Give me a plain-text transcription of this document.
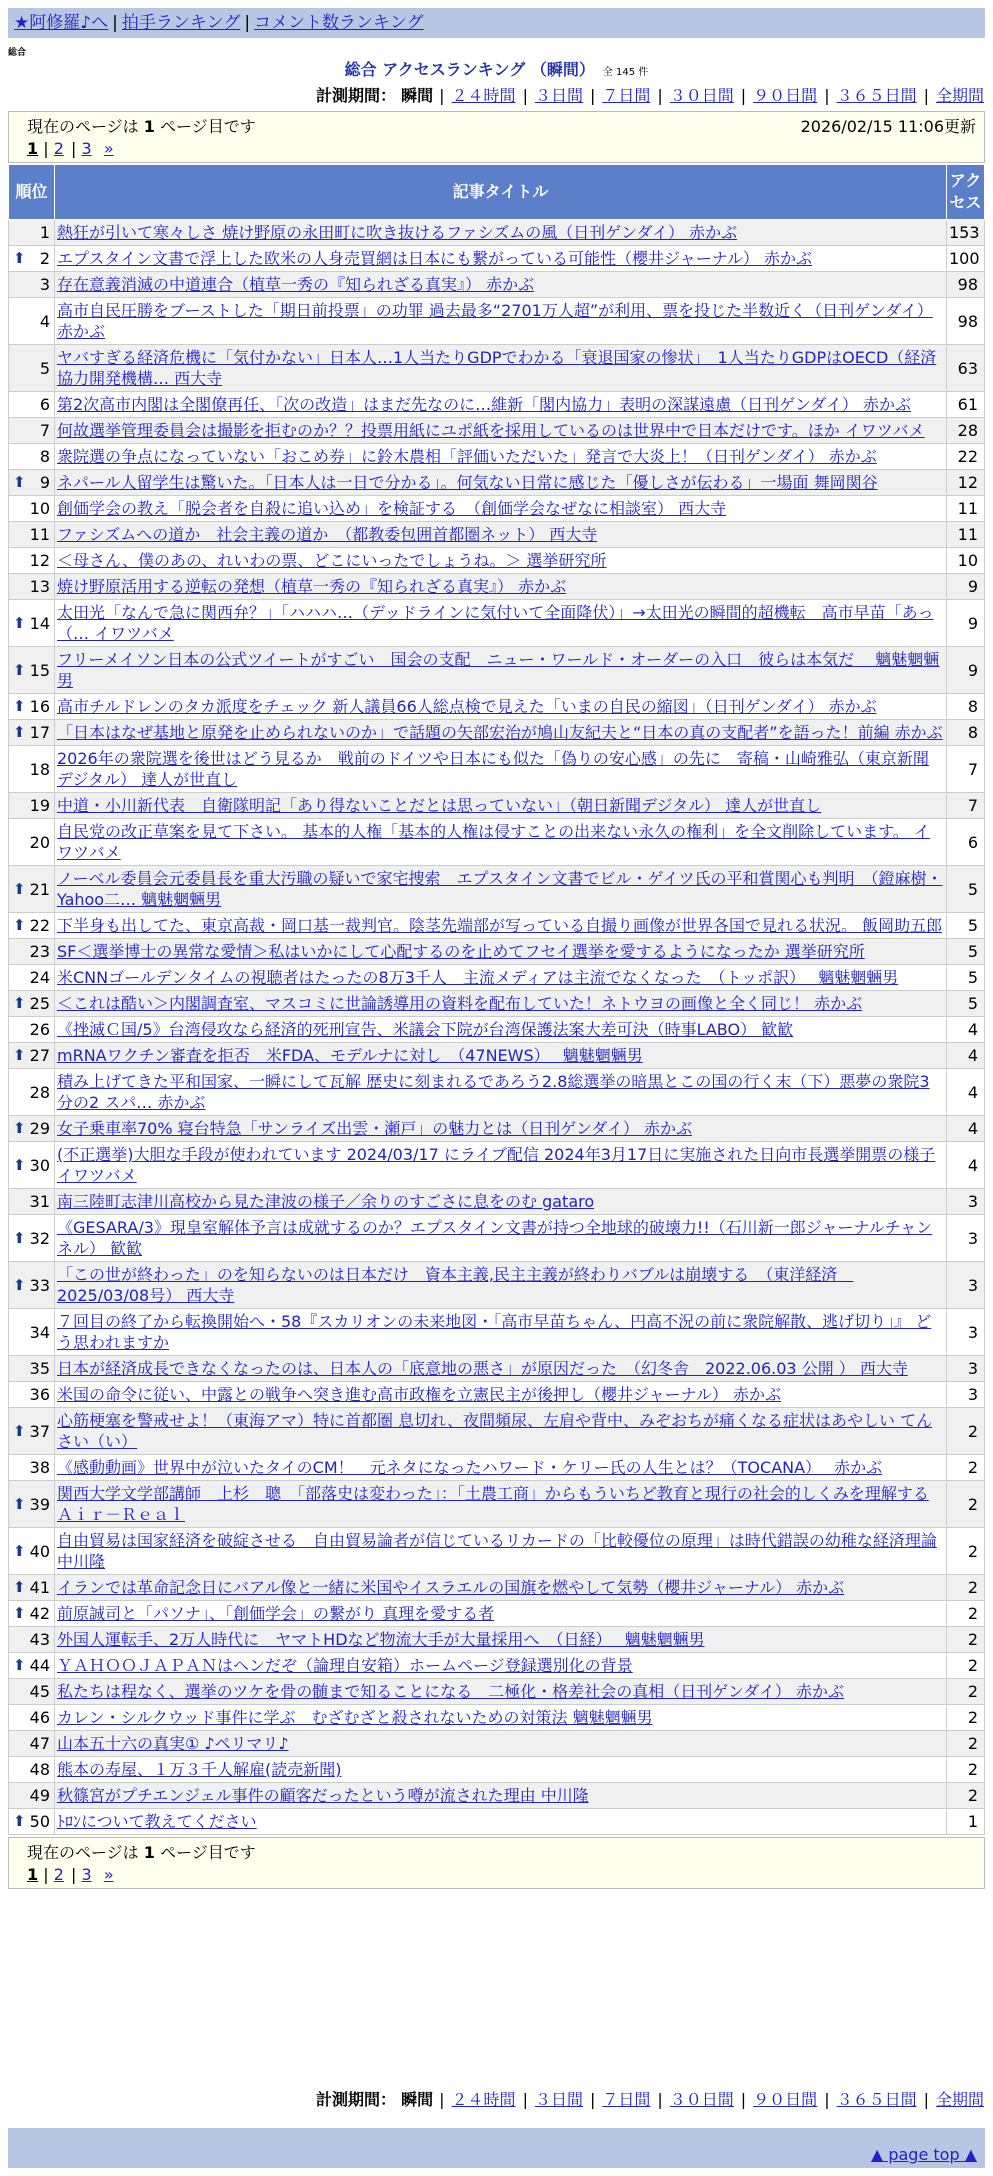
★阿修羅♪へ | 拍手ランキング | コメント数ランキング
総合
総合 アクセスランキング （瞬間） 全 145 件
計測期間： 瞬間 | ２４時間 | ３日間 | ７日間 | ３０日間 | ９０日間 | ３６５日間 | 全期間
現在のページは 1 ページ目です	2026/02/15 11:06更新
1 | 2 | 3 »
順位	記事タイトル	アクセス
1	熱狂が引いて寒々しさ 焼け野原の永田町に吹き抜けるファシズムの風（日刊ゲンダイ） 赤かぶ	153

⬆ 2	エプスタイン文書で浮上した欧米の人身売買網は日本にも繋がっている可能性（櫻井ジャーナル） 赤かぶ	100
3	存在意義消滅の中道連合（植草一秀の『知られざる真実』） 赤かぶ	98
4	高市自民圧勝をブーストした「期日前投票」の功罪 過去最多“2701万人超”が利用、票を投じた半数近く（日刊ゲンダイ） 赤かぶ	98
5	ヤバすぎる経済危機に「気付かない」日本人…1人当たりGDPでわかる「衰退国家の惨状」　1人当たりGDPはOECD（経済協力開発機構… 西大寺	63
6	第2次高市内閣は全閣僚再任、「次の改造」はまだ先なのに…維新「閣内協力」表明の深謀遠慮（日刊ゲンダイ） 赤かぶ	61
7	何故選挙管理委員会は撮影を拒むのか？？投票用紙にユポ紙を採用しているのは世界中で日本だけです。ほか イワツバメ	28
8	衆院選の争点になっていない「おこめ券」に鈴木農相「評価いただいた」発言で大炎上！（日刊ゲンダイ） 赤かぶ	22

⬆ 9	ネパール人留学生は驚いた。「日本人は一日で分かる」。何気ない日常に感じた「優しさが伝わる」一場面 舞岡関谷	12
10	創価学会の教え「脱会者を自殺に追い込め」を検証する　（創価学会なぜなに相談室） 西大寺	11
11	ファシズムへの道か　社会主義の道か　（都教委包囲首都圏ネット） 西大寺	11
12	＜母さん、僕のあの、れいわの票、どこにいったでしょうね。＞ 選挙研究所	10
13	焼け野原活用する逆転の発想（植草一秀の『知られざる真実』） 赤かぶ	9

⬆ 14	太田光「なんで急に関西弁？」「ハハハ…（デッドラインに気付いて全面降伏）」→太田光の瞬間的超機転　高市早苗「あっ（… イワツバメ	9

⬆ 15	フリーメイソン日本の公式ツイートがすごい　国会の支配　ニュー・ワールド・オーダーの入口　彼らは本気だ　 魑魅魍魎男	9

⬆ 16	高市チルドレンのタカ派度をチェック 新人議員66人総点検で見えた「いまの自民の縮図」（日刊ゲンダイ） 赤かぶ	8

⬆ 17	「日本はなぜ基地と原発を止められないのか」で話題の矢部宏治が鳩山友紀夫と“日本の真の支配者”を語った！前編 赤かぶ	8
18	2026年の衆院選を後世はどう見るか　戦前のドイツや日本にも似た「偽りの安心感」の先に　寄稿・山崎雅弘（東京新聞デジタル） 達人が世直し	7
19	中道・小川新代表　自衛隊明記「あり得ないことだとは思っていない」（朝日新聞デジタル） 達人が世直し	7
20	自民党の改正草案を見て下さい。 基本的人権「基本的人権は侵すことの出来ない永久の権利」を全文削除しています。 イワツバメ	6

⬆ 21	ノーベル委員会元委員長を重大汚職の疑いで家宅捜索　エプスタイン文書でビル・ゲイツ氏の平和賞関心も判明　（鐙麻樹・Yahoo二… 魑魅魍魎男	5

⬆ 22	下半身も出してた、東京高裁・岡口基一裁判官。陰茎先端部が写っている自撮り画像が世界各国で見れる状況。 飯岡助五郎	5
23	SF＜選挙博士の異常な愛情＞私はいかにして心配するのを止めてフセイ選挙を愛するようになったか 選挙研究所	5
24	米CNNゴールデンタイムの視聴者はたったの8万3千人　主流メディアは主流でなくなった　（トッポ訳）　 魑魅魍魎男	5

⬆ 25	＜これは酷い＞内閣調査室、マスコミに世論誘導用の資料を配布していた！ネトウヨの画像と全く同じ！ 赤かぶ	5
26	《挫滅Ｃ国/5》台湾侵攻なら経済的死刑宣告、米議会下院が台湾保護法案大差可決（時事LABO） 歓歓	4

⬆ 27	mRNAワクチン審査を拒否　米FDA、モデルナに対し　（47NEWS）　 魑魅魍魎男	4
28	積み上げてきた平和国家、一瞬にして瓦解 歴史に刻まれるであろう2.8総選挙の暗黒とこの国の行く末（下）悪夢の衆院3分の2 スパ… 赤かぶ	4

⬆ 29	女子乗車率70% 寝台特急「サンライズ出雲・瀬戸」の魅力とは（日刊ゲンダイ） 赤かぶ	4

⬆ 30	(不正選挙)大胆な手段が使われています 2024/03/17 にライブ配信 2024年3月17日に実施された日向市長選挙開票の様子 イワツバメ	4
31	南三陸町志津川高校から見た津波の様子／余りのすごさに息をのむ gataro	3

⬆ 32	《GESARA/3》現皇室解体予言は成就するのか？エプスタイン文書が持つ全地球的破壊力!!（石川新一郎ジャーナルチャンネル） 歓歓	3

⬆ 33	「この世が終わった」のを知らないのは日本だけ　資本主義,民主主義が終わりバブルは崩壊する　（東洋経済　2025/03/08号） 西大寺	3
34	７回目の終了から転換開始へ・58『スカリオンの未来地図・「高市早苗ちゃん、円高不況の前に衆院解散、逃げ切り」』 どう思われますか	3
35	日本が経済成長できなくなったのは、日本人の「底意地の悪さ」が原因だった　（幻冬舎　2022.06.03 公開 ） 西大寺	3
36	米国の命令に従い、中露との戦争へ突き進む高市政権を立憲民主が後押し（櫻井ジャーナル） 赤かぶ	3

⬆ 37	心筋梗塞を警戒せよ！（東海アマ）特に首都圏 息切れ、夜間頻尿、左肩や背中、みぞおちが痛くなる症状はあやしい てんさい（い）	2
38	《感動動画》世界中が泣いたタイのCM！　元ネタになったハワード・ケリー氏の人生とは？（TOCANA）　 赤かぶ	2

⬆ 39	関西大学文学部講師　上杉　聰　「部落史は変わった」：「土農工商」からもういちど教育と現行の社会的しくみを理解する Ａｉｒ－Ｒｅａｌ	2

⬆ 40	自由貿易は国家経済を破綻させる　自由貿易論者が信じているリカードの「比較優位の原理」は時代錯誤の幼稚な経済理論 中川隆	2

⬆ 41	イランでは革命記念日にバアル像と一緒に米国やイスラエルの国旗を燃やして気勢（櫻井ジャーナル） 赤かぶ	2

⬆ 42	前原誠司と「パソナ」、「創価学会」の繋がり 真理を愛する者	2
43	外国人運転手、2万人時代に　ヤマトHDなど物流大手が大量採用へ　（日経）　 魑魅魍魎男	2

⬆ 44	ＹＡＨＯＯＪＡＰＡＮはヘンだぞ（論理自安箱）ホームページ登録選別化の背景	2
45	私たちは程なく、選挙のツケを骨の髄まで知ることになる　二極化・格差社会の真相（日刊ゲンダイ） 赤かぶ	2
46	カレン・シルクウッド事件に学ぶ　むざむざと殺されないための対策法 魑魅魍魎男	2
47	山本五十六の真実① ♪ペリマリ♪	2
48	熊本の寿屋、１万３千人解雇(読売新聞)	2
49	秋篠宮がプチエンジェル事件の顧客だったという噂が流された理由 中川隆	2

⬆ 50	ﾄﾛﾝについて教えてください	1
計測期間： 瞬間 | ２４時間 | ３日間 | ７日間 | ３０日間 | ９０日間 | ３６５日間 | 全期間
現在のページは 1 ページ目です
1 | 2 | 3 »
▲ page top ▲
